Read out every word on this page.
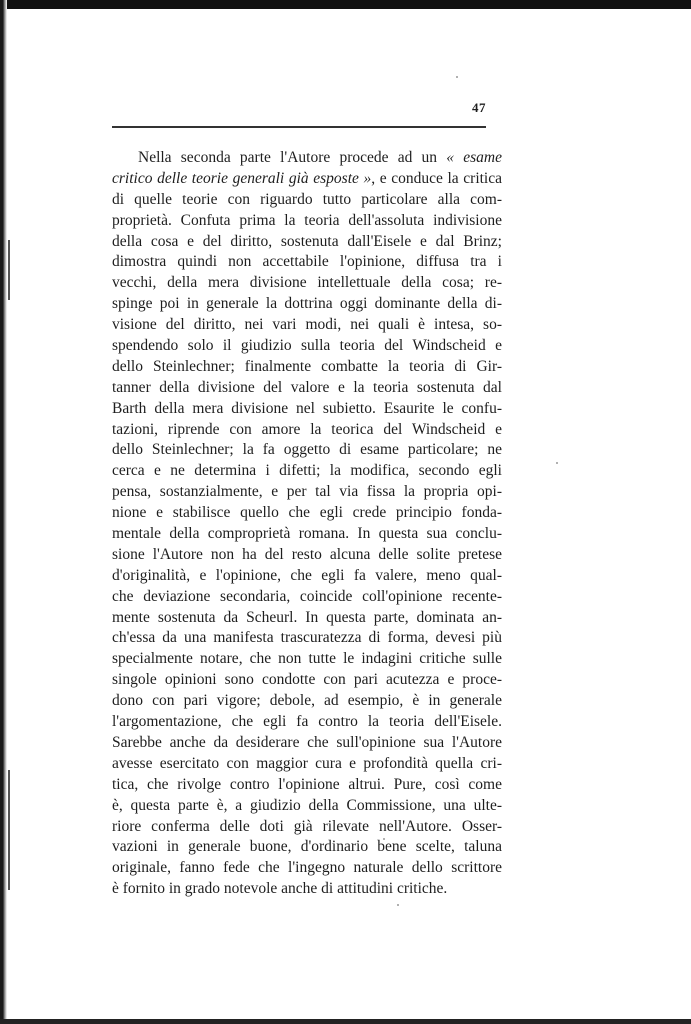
47
Nella seconda parte l'Autore procede ad un « esame
critico delle teorie generali già esposte », e conduce la critica
di quelle teorie con riguardo tutto particolare alla com-
proprietà. Confuta prima la teoria dell'assoluta indivisione
della cosa e del diritto, sostenuta dall'Eisele e dal Brinz;
dimostra quindi non accettabile l'opinione, diffusa tra i
vecchi, della mera divisione intellettuale della cosa; re-
spinge poi in generale la dottrina oggi dominante della di-
visione del diritto, nei vari modi, nei quali è intesa, so-
spendendo solo il giudizio sulla teoria del Windscheid e
dello Steinlechner; finalmente combatte la teoria di Gir-
tanner della divisione del valore e la teoria sostenuta dal
Barth della mera divisione nel subietto. Esaurite le confu-
tazioni, riprende con amore la teorica del Windscheid e
dello Steinlechner; la fa oggetto di esame particolare; ne
cerca e ne determina i difetti; la modifica, secondo egli
pensa, sostanzialmente, e per tal via fissa la propria opi-
nione e stabilisce quello che egli crede principio fonda-
mentale della comproprietà romana. In questa sua conclu-
sione l'Autore non ha del resto alcuna delle solite pretese
d'originalità, e l'opinione, che egli fa valere, meno qual-
che deviazione secondaria, coincide coll'opinione recente-
mente sostenuta da Scheurl. In questa parte, dominata an-
ch'essa da una manifesta trascuratezza di forma, devesi più
specialmente notare, che non tutte le indagini critiche sulle
singole opinioni sono condotte con pari acutezza e proce-
dono con pari vigore; debole, ad esempio, è in generale
l'argomentazione, che egli fa contro la teoria dell'Eisele.
Sarebbe anche da desiderare che sull'opinione sua l'Autore
avesse esercitato con maggior cura e profondità quella cri-
tica, che rivolge contro l'opinione altrui. Pure, così come
è, questa parte è, a giudizio della Commissione, una ulte-
riore conferma delle doti già rilevate nell'Autore. Osser-
vazioni in generale buone, d'ordinario bene scelte, taluna
originale, fanno fede che l'ingegno naturale dello scrittore
è fornito in grado notevole anche di attitudini critiche.
